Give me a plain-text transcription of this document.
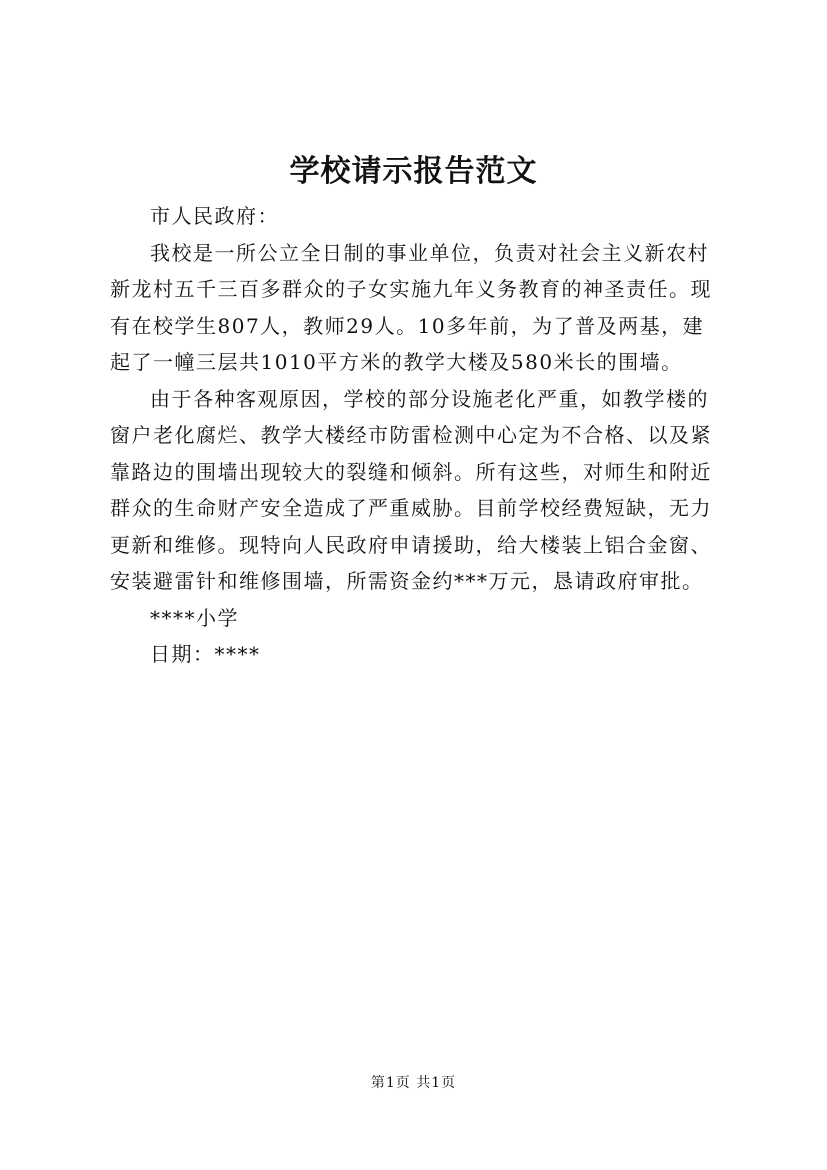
学校请示报告范文
市人民政府：
我校是一所公立全日制的事业单位，负责对社会主义新农村
新龙村五千三百多群众的子女实施九年义务教育的神圣责任。现
有在校学生807人，教师29人。10多年前，为了普及两基，建
起了一幢三层共1010平方米的教学大楼及580米长的围墙。
由于各种客观原因，学校的部分设施老化严重，如教学楼的
窗户老化腐烂、教学大楼经市防雷检测中心定为不合格、以及紧
靠路边的围墙出现较大的裂缝和倾斜。所有这些，对师生和附近
群众的生命财产安全造成了严重威胁。目前学校经费短缺，无力
更新和维修。现特向人民政府申请援助，给大楼装上铝合金窗、
安装避雷针和维修围墙，所需资金约***万元，恳请政府审批。
****小学
日期：****
第1页 共1页
